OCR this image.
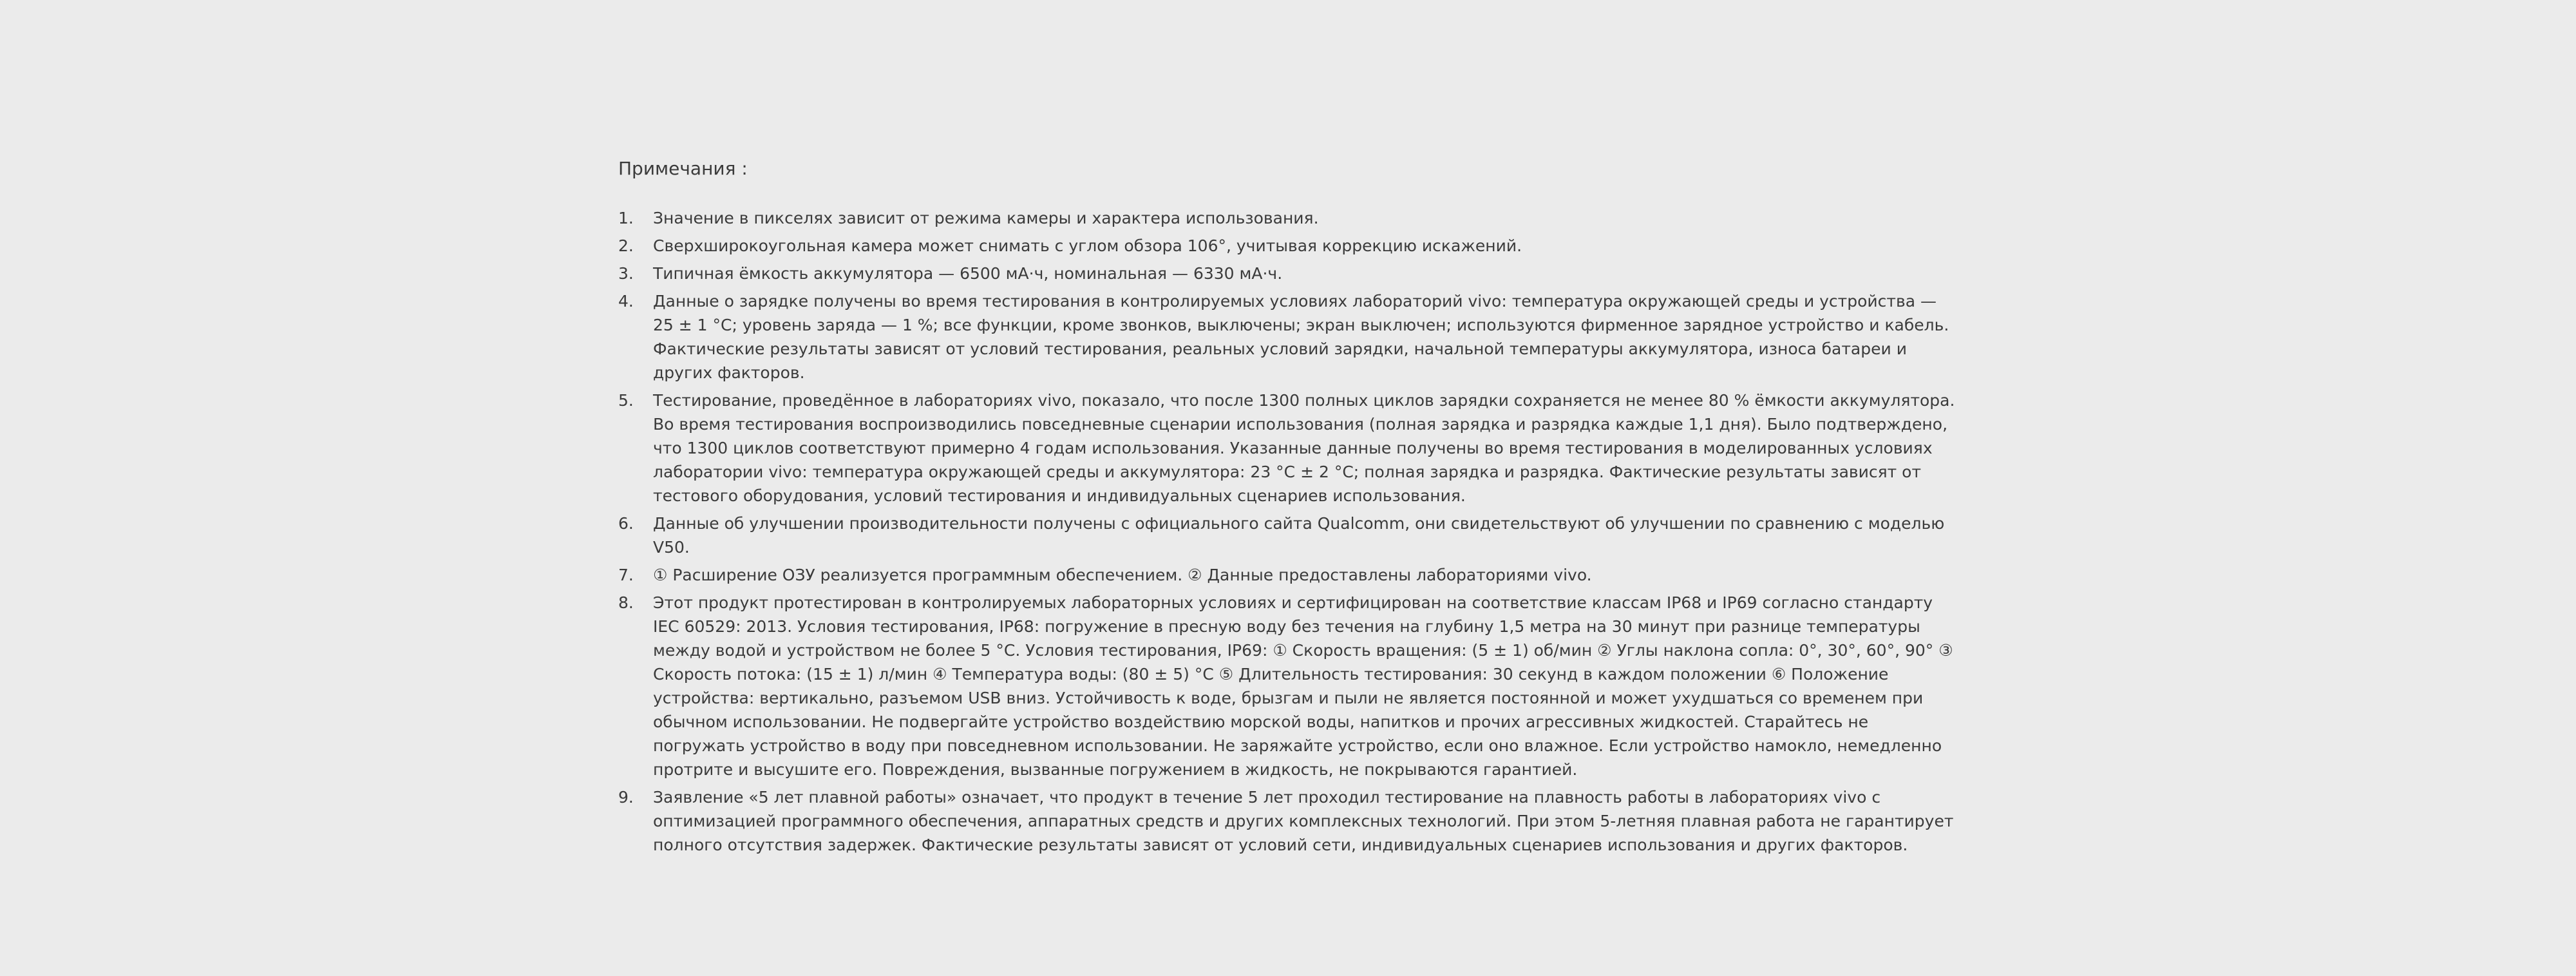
Примечания :
1.	Значение в пикселях зависит от режима камеры и характера использования.
2.	Сверхширокоугольная камера может снимать с углом обзора 106°, учитывая коррекцию искажений.
3.	Типичная ёмкость аккумулятора — 6500 мА·ч, номинальная — 6330 мА·ч.
4.	Данные о зарядке получены во время тестирования в контролируемых условиях лабораторий vivo: температура окружающей среды и устройства — 25 ± 1 °C; уровень заряда — 1 %; все функции, кроме звонков, выключены; экран выключен; используются фирменное зарядное устройство и кабель. Фактические результаты зависят от условий тестирования, реальных условий зарядки, начальной температуры аккумулятора, износа батареи и других факторов.
5.	Тестирование, проведённое в лабораториях vivo, показало, что после 1300 полных циклов зарядки сохраняется не менее 80 % ёмкости аккумулятора. Во время тестирования воспроизводились повседневные сценарии использования (полная зарядка и разрядка каждые 1,1 дня). Было подтверждено, что 1300 циклов соответствуют примерно 4 годам использования. Указанные данные получены во время тестирования в моделированных условиях лаборатории vivo: температура окружающей среды и аккумулятора: 23 °C ± 2 °C; полная зарядка и разрядка. Фактические результаты зависят от тестового оборудования, условий тестирования и индивидуальных сценариев использования.
6.	Данные об улучшении производительности получены с официального сайта Qualcomm, они свидетельствуют об улучшении по сравнению с моделью V50.
7.	① Расширение ОЗУ реализуется программным обеспечением. ② Данные предоставлены лабораториями vivo.
8.	Этот продукт протестирован в контролируемых лабораторных условиях и сертифицирован на соответствие классам IP68 и IP69 согласно стандарту IEC 60529: 2013. Условия тестирования, IP68: погружение в пресную воду без течения на глубину 1,5 метра на 30 минут при разнице температуры между водой и устройством не более 5 °C. Условия тестирования, IP69: ① Скорость вращения: (5 ± 1) об/мин ② Углы наклона сопла: 0°, 30°, 60°, 90° ③ Скорость потока: (15 ± 1) л/мин ④ Температура воды: (80 ± 5) °C ⑤ Длительность тестирования: 30 секунд в каждом положении ⑥ Положение устройства: вертикально, разъемом USB вниз. Устойчивость к воде, брызгам и пыли не является постоянной и может ухудшаться со временем при обычном использовании. Не подвергайте устройство воздействию морской воды, напитков и прочих агрессивных жидкостей. Старайтесь не погружать устройство в воду при повседневном использовании. Не заряжайте устройство, если оно влажное. Если устройство намокло, немедленно протрите и высушите его. Повреждения, вызванные погружением в жидкость, не покрываются гарантией.
9.	Заявление «5 лет плавной работы» означает, что продукт в течение 5 лет проходил тестирование на плавность работы в лабораториях vivo с оптимизацией программного обеспечения, аппаратных средств и других комплексных технологий. При этом 5-летняя плавная работа не гарантирует полного отсутствия задержек. Фактические результаты зависят от условий сети, индивидуальных сценариев использования и других факторов.
